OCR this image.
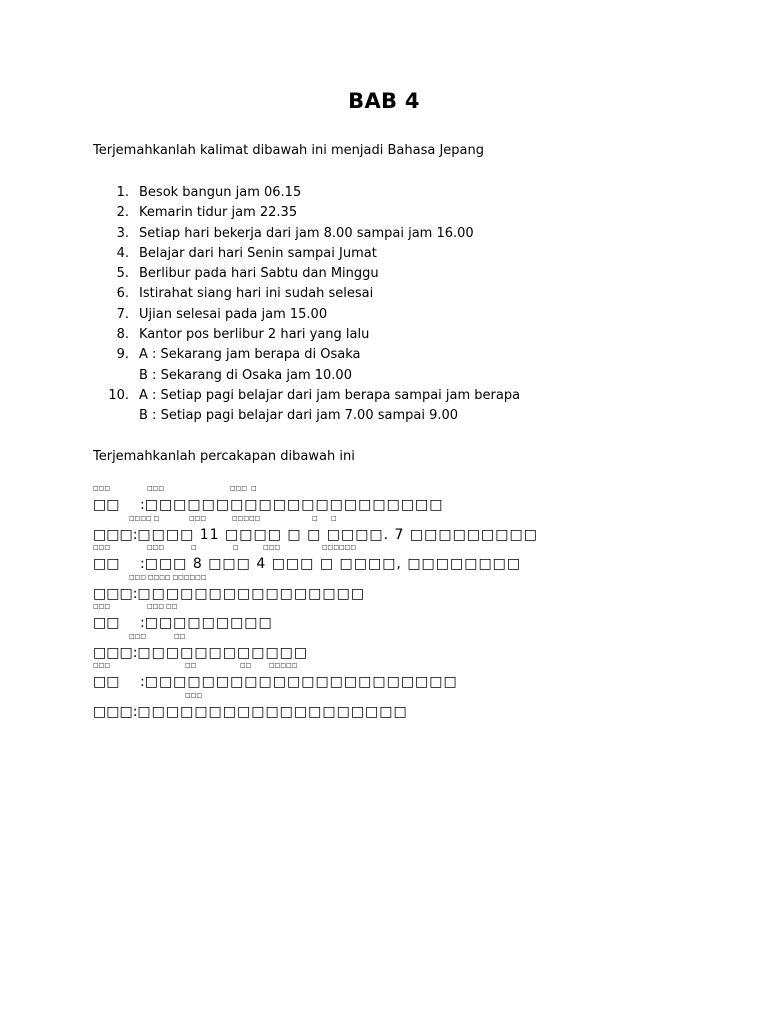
BAB 4

Terjemahkanlah kalimat dibawah ini menjadi Bahasa Jepang

1. Besok bangun jam 06.15
2. Kemarin tidur jam 22.35
3. Setiap hari bekerja dari jam 8.00 sampai jam 16.00
4. Belajar dari hari Senin sampai Jumat
5. Berlibur pada hari Sabtu dan Minggu
6. Istirahat siang hari ini sudah selesai
7. Ujian selesai pada jam 15.00
8. Kantor pos berlibur 2 hari yang lalu
9. A : Sekarang jam berapa di Osaka
B : Sekarang di Osaka jam 10.00
10. A : Setiap pagi belajar dari jam berapa sampai jam berapa
B : Setiap pagi belajar dari jam 7.00 sampai 9.00

Terjemahkanlah percakapan dibawah ini

□□□	□□□	□□□ □
□□ :□□□□□□□□□□□□□□□□□□□□□
□□□□ □	□□□	□□□□□	□ □
□□□:□□□□ 11 □□□□ □ □ □□□□. 7 □□□□□□□□□
□□□	□□□	□	□	□□□	□□□□□□
□□ :□□□ 8 □□□ 4 □□□ □ □□□□, □□□□□□□□
□□□ □□□□ □□□□□□
□□□:□□□□□□□□□□□□□□□□
□□□	□□□ □□
□□ :□□□□□□□□□
□□□	□□
□□□:□□□□□□□□□□□□
□□□	□□	□□	□□□□□
□□ :□□□□□□□□□□□□□□□□□□□□□□
□□□
□□□:□□□□□□□□□□□□□□□□□□□
